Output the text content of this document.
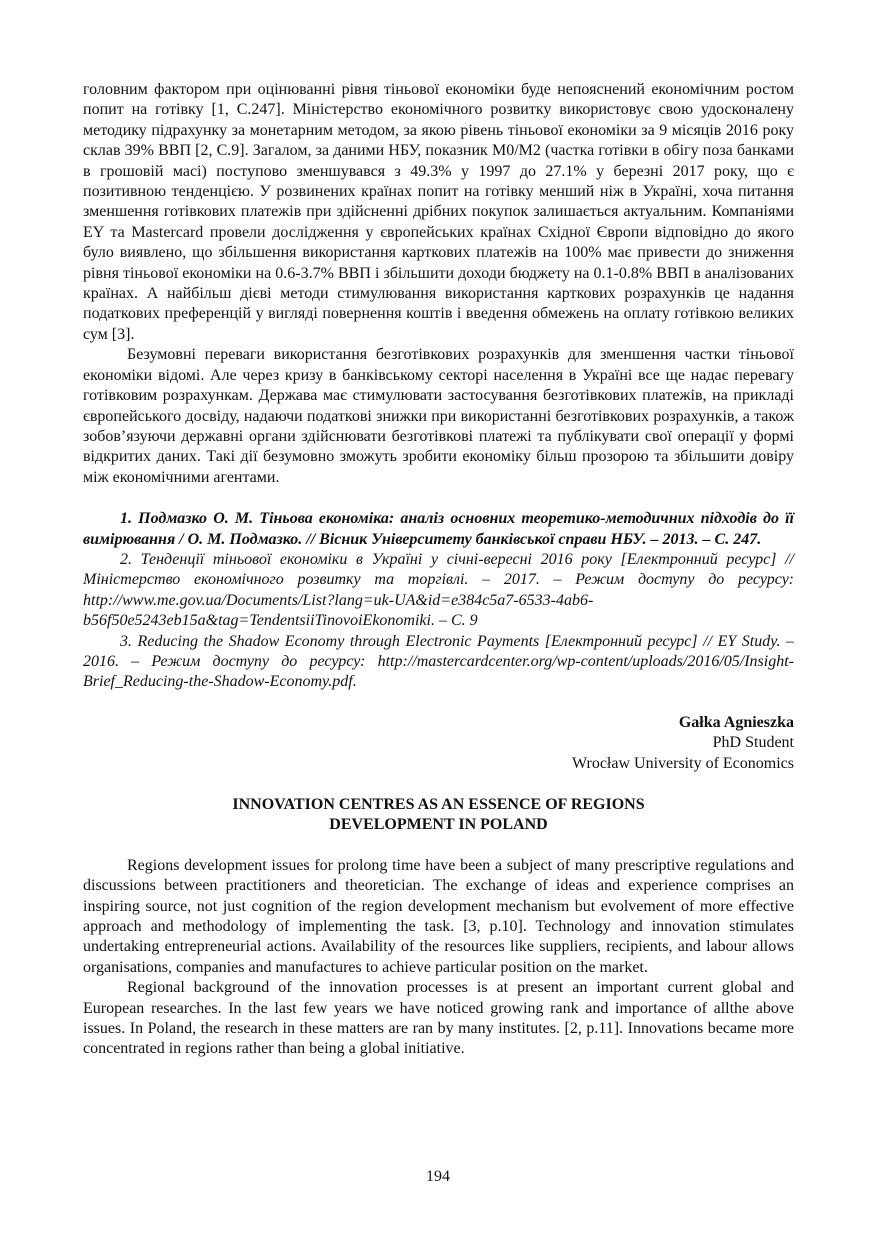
головним фактором при оцінюванні рівня тіньової економіки буде непояснений економічним ростом попит на готівку [1, С.247]. Міністерство економічного розвитку використовує свою удосконалену методику підрахунку за монетарним методом, за якою рівень тіньової економіки за 9 місяців 2016 року склав 39% ВВП [2, С.9]. Загалом, за даними НБУ, показник М0/М2 (частка готівки в обігу поза банками в грошовій масі) поступово зменшувався з 49.3% у 1997 до 27.1% у березні 2017 року, що є позитивною тенденцією. У розвинених країнах попит на готівку менший ніж в Україні, хоча питання зменшення готівкових платежів при здійсненні дрібних покупок залишається актуальним. Компаніями EY та Mastercard провели дослідження у європейських країнах Східної Європи відповідно до якого було виявлено, що збільшення використання карткових платежів на 100% має привести до зниження рівня тіньової економіки на 0.6-3.7% ВВП і збільшити доходи бюджету на 0.1-0.8% ВВП в аналізованих країнах. А найбільш дієві методи стимулювання використання карткових розрахунків це надання податкових преференцій у вигляді повернення коштів і введення обмежень на оплату готівкою великих сум [3].

Безумовні переваги використання безготівкових розрахунків для зменшення частки тіньової економіки відомі. Але через кризу в банківському секторі населення в Україні все ще надає перевагу готівковим розрахункам. Держава має стимулювати застосування безготівкових платежів, на прикладі європейського досвіду, надаючи податкові знижки при використанні безготівкових розрахунків, а також зобов’язуючи державні органи здійснювати безготівкові платежі та публікувати свої операції у формі відкритих даних. Такі дії безумовно зможуть зробити економіку більш прозорою та збільшити довіру між економічними агентами.

1. Подмазко О. М. Тіньова економіка: аналіз основних теоретико-методичних підходів до її вимірювання / О. М. Подмазко. // Вісник Університету банківської справи НБУ. – 2013. – С. 247.

2. Тенденції тіньової економіки в Україні у січні-вересні 2016 року [Електронний ресурс] // Міністерство економічного розвитку та торгівлі. – 2017. – Режим доступу до ресурсу: http://www.me.gov.ua/Documents/List?lang=uk-UA&id=e384c5a7-6533-4ab6-b56f50e5243eb15a&tag=TendentsiiTinovoiEkonomiki. – С. 9

3. Reducing the Shadow Economy through Electronic Payments [Електронний ресурс] // EY Study. – 2016. – Режим доступу до ресурсу: http://mastercardcenter.org/wp-content/uploads/2016/05/Insight-Brief_Reducing-the-Shadow-Economy.pdf.

Gałka Agnieszka
PhD Student
Wrocław University of Economics
INNOVATION CENTRES AS AN ESSENCE OF REGIONS
DEVELOPMENT IN POLAND

Regions development issues for prolong time have been a subject of many prescriptive regulations and discussions between practitioners and theoretician. The exchange of ideas and experience comprises an inspiring source, not just cognition of the region development mechanism but evolvement of more effective approach and methodology of implementing the task. [3, p.10]. Technology and innovation stimulates undertaking entrepreneurial actions. Availability of the resources like suppliers, recipients, and labour allows organisations, companies and manufactures to achieve particular position on the market.

Regional background of the innovation processes is at present an important current global and European researches. In the last few years we have noticed growing rank and importance of allthe above issues. In Poland, the research in these matters are ran by many institutes. [2, p.11]. Innovations became more concentrated in regions rather than being a global initiative.

194
